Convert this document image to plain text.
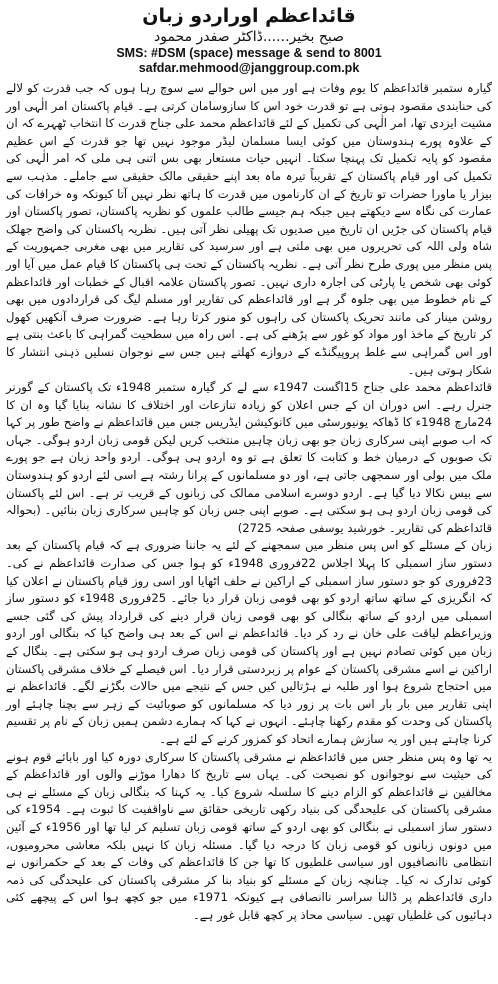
قائداعظم اوراردو زبان

صبح بخیر......ڈاکٹر صفدر محمود

SMS: #DSM (space) message & send to 8001

safdar.mehmood@janggroup.com.pk

گیارہ ستمبر قائداعظم کا یوم وفات ہے اور میں اس حوالے سے سوچ رہا ہوں کہ جب قدرت کو لالے کی حنابندی مقصود ہوتی ہے تو قدرت خود اس کا سازوسامان کرتی ہے۔ قیام پاکستان امر الٰہی اور مشیت ایزدی تھا، امر الٰہی کی تکمیل کے لئے قائداعظم محمد علی جناح قدرت کا انتخاب ٹھہرے کہ ان کے علاوہ پورے ہندوستان میں کوئی ایسا مسلمان لیڈر موجود نہیں تھا جو قدرت کے اس عظیم مقصود کو پایہ تکمیل تک پہنچا سکتا۔ انہیں حیات مستعار بھی بس اتنی ہی ملی کہ امر الٰہی کی تکمیل کی اور قیام پاکستان کے تقریباً تیرہ ماہ بعد اپنے حقیقی مالک حقیقی سے جاملے۔ مذہب سے بیزار یا ماورا حضرات تو تاریخ کے ان کارناموں میں قدرت کا ہاتھ نظر نہیں آتا کیونکہ وہ خرافات کی عمارت کی نگاہ سے دیکھتے ہیں جبکہ ہم جیسے طالب علموں کو نظریہ پاکستان، تصور پاکستان اور قیام پاکستان کی جڑیں ان تاریخ میں صدیوں تک پھیلی نظر آتی ہیں۔ نظریہ پاکستان کی واضح جھلک شاہ ولی اللہ کی تحریروں میں بھی ملتی ہے اور سرسید کی تقاریر میں بھی مغربی جمہوریت کے پس منظر میں پوری طرح نظر آتی ہے۔ نظریہ پاکستان کے تحت ہی پاکستان کا قیام عمل میں آیا اور کوئی بھی شخص یا پارٹی کی اجارہ داری نہیں۔ تصور پاکستان علامہ اقبال کے خطبات اور قائداعظم کے نام خطوط میں بھی جلوہ گر ہے اور قائداعظم کی تقاریر اور مسلم لیگ کی قراردادوں میں بھی روشن مینار کی مانند تحریک پاکستان کی راہوں کو منور کرتا رہا ہے۔ ضرورت صرف آنکھیں کھول کر تاریخ کے ماخذ اور مواد کو غور سے پڑھنے کی ہے۔ اس راہ میں سطحیت گمراہی کا باعث بنتی ہے اور اس گمراہی سے غلط پروپیگنڈے کے دروازے کھلتے ہیں جس سے نوجوان نسلیں ذہنی انتشار کا شکار ہوتی ہیں۔

قائداعظم محمد علی جناح 15اگست 1947ء سے لے کر گیارہ ستمبر 1948ء تک پاکستان کے گورنر جنرل رہے۔ اس دوران ان کے جس اعلان کو زیادہ تنازعات اور اختلاف کا نشانہ بنایا گیا وہ ان کا 24مارچ 1948ء کا ڈھاکہ یونیورسٹی میں کانوکیشن ایڈریس جس میں قائداعظم نے واضح طور پر کہا کہ اب صوبے اپنی سرکاری زبان جو بھی زبان چاہیں منتخب کریں لیکن قومی زبان اردو ہوگی۔ جہاں تک صوبوں کے درمیان خط و کتابت کا تعلق ہے تو وہ اردو ہی ہوگی۔ اردو واحد زبان ہے جو پورے ملک میں بولی اور سمجھی جاتی ہے، اور دو مسلمانوں کے پرانا رشتہ ہے اسی لئے اردو کو ہندوستان سے بیس نکالا دیا گیا ہے۔ اردو دوسرے اسلامی ممالک کی زبانوں کے قریب تر ہے۔ اس لئے پاکستان کی قومی زبان اردو ہی ہو سکتی ہے۔ صوبے اپنی جس زبان کو چاہیں سرکاری زبان بنائیں۔ (بحوالہ قائداعظم کی تقاریر۔ خورشید یوسفی صفحہ 2725)

زبان کے مسئلے کو اس پس منظر میں سمجھنے کے لئے یہ جاننا ضروری ہے کہ قیام پاکستان کے بعد دستور ساز اسمبلی کا پہلا اجلاس 22فروری 1948ء کو ہوا جس کی صدارت قائداعظم نے کی۔ 23فروری کو جو دستور ساز اسمبلی کے اراکین نے حلف اٹھایا اور اسی روز قیام پاکستان نے اعلان کیا کہ انگریزی کے ساتھ ساتھ اردو کو بھی قومی زبان قرار دیا جائے۔ 25فروری 1948ء کو دستور ساز اسمبلی میں اردو کے ساتھ بنگالی کو بھی قومی زبان قرار دینے کی قرارداد پیش کی گئی جسے وزیراعظم لیاقت علی خان نے رد کر دیا۔ قائداعظم نے اس کے بعد ہی واضح کیا کہ بنگالی اور اردو زبان میں کوئی تصادم نہیں ہے اور پاکستان کی قومی زبان صرف اردو ہی ہو سکتی ہے۔ بنگال کے اراکین نے اسے مشرقی پاکستان کے عوام پر زبردستی قرار دیا۔ اس فیصلے کے خلاف مشرقی پاکستان میں احتجاج شروع ہوا اور طلبہ نے ہڑتالیں کیں جس کے نتیجے میں حالات بگڑنے لگے۔ قائداعظم نے اپنی تقاریر میں بار بار اس بات پر زور دیا کہ مسلمانوں کو صوبائیت کے زہر سے بچنا چاہئے اور پاکستان کی وحدت کو مقدم رکھنا چاہئے۔ انہوں نے کہا کہ ہمارے دشمن ہمیں زبان کے نام پر تقسیم کرنا چاہتے ہیں اور یہ سازش ہمارے اتحاد کو کمزور کرنے کے لئے ہے۔

یہ تھا وہ پس منظر جس میں قائداعظم نے مشرقی پاکستان کا سرکاری دورہ کیا اور بابائے قوم ہونے کی حیثیت سے نوجوانوں کو نصیحت کی۔ یہاں سے تاریخ کا دھارا موڑنے والوں اور قائداعظم کے مخالفین نے قائداعظم کو الزام دینے کا سلسلہ شروع کیا۔ یہ کہنا کہ بنگالی زبان کے مسئلے نے ہی مشرقی پاکستان کی علیحدگی کی بنیاد رکھی تاریخی حقائق سے ناواقفیت کا ثبوت ہے۔ 1954ء کی دستور ساز اسمبلی نے بنگالی کو بھی اردو کے ساتھ قومی زبان تسلیم کر لیا تھا اور 1956ء کے آئین میں دونوں زبانوں کو قومی زبان کا درجہ دیا گیا۔ مسئلہ زبان کا نہیں بلکہ معاشی محرومیوں، انتظامی ناانصافیوں اور سیاسی غلطیوں کا تھا جن کا قائداعظم کی وفات کے بعد کے حکمرانوں نے کوئی تدارک نہ کیا۔ چنانچہ زبان کے مسئلے کو بنیاد بنا کر مشرقی پاکستان کی علیحدگی کی ذمہ داری قائداعظم پر ڈالنا سراسر ناانصافی ہے کیونکہ 1971ء میں جو کچھ ہوا اس کے پیچھے کئی دہائیوں کی غلطیاں تھیں۔ سیاسی محاذ پر کچھ قابل غور ہے۔
